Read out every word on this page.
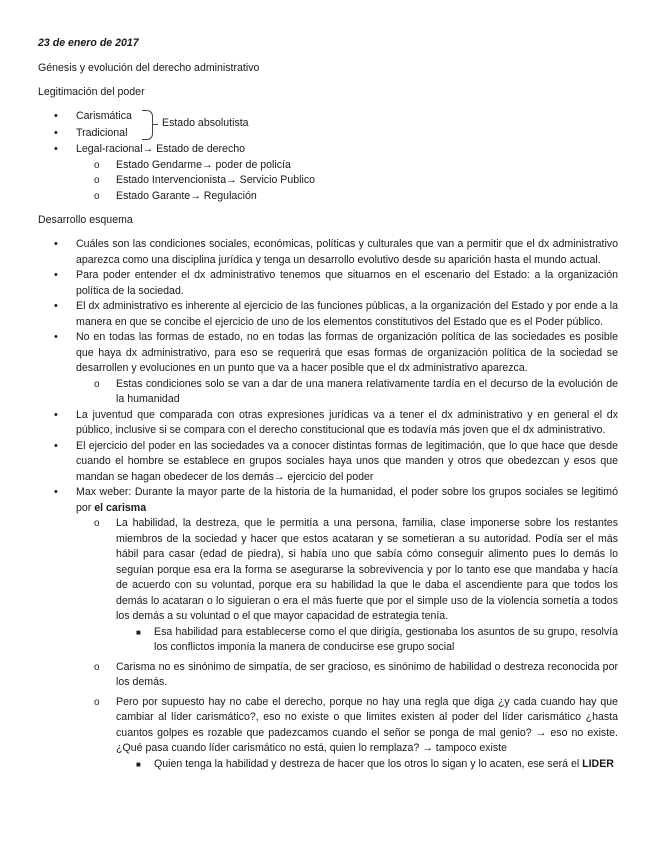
23 de enero de 2017

Génesis y evolución del derecho administrativo

Legitimación del poder

• Carismática
• Tradicional
Estado absolutista
• Legal-racional→ Estado de derecho
o Estado Gendarme→ poder de policía
o Estado Intervencionista→ Servicio Publico
o Estado Garante→ Regulación

Desarrollo esquema

• Cuáles son las condiciones sociales, económicas, políticas y culturales que van a permitir que el dx administrativo aparezca como una disciplina jurídica y tenga un desarrollo evolutivo desde su aparición hasta el mundo actual.
• Para poder entender el dx administrativo tenemos que situarnos en el escenario del Estado: a la organización política de la sociedad.
• El dx administrativo es inherente al ejercicio de las funciones públicas, a la organización del Estado y por ende a la manera en que se concibe el ejercicio de uno de los elementos constitutivos del Estado que es el Poder público.
• No en todas las formas de estado, no en todas las formas de organización política de las sociedades es posible que haya dx administrativo, para eso se requerirá que esas formas de organización política de la sociedad se desarrollen y evoluciones en un punto que va a hacer posible que el dx administrativo aparezca.
o Estas condiciones solo se van a dar de una manera relativamente tardía en el decurso de la evolución de la humanidad
• La juventud que comparada con otras expresiones jurídicas va a tener el dx administrativo y en general el dx público, inclusive si se compara con el derecho constitucional que es todavía más joven que el dx administrativo.
• El ejercicio del poder en las sociedades va a conocer distintas formas de legitimación, que lo que hace que desde cuando el hombre se establece en grupos sociales haya unos que manden y otros que obedezcan y esos que mandan se hagan obedecer de los demás→ ejercicio del poder
• Max weber: Durante la mayor parte de la historia de la humanidad, el poder sobre los grupos sociales se legitimó por el carisma
o La habilidad, la destreza, que le permitía a una persona, familia, clase imponerse sobre los restantes miembros de la sociedad y hacer que estos acataran y se sometieran a su autoridad. Podía ser el más hábil para casar (edad de piedra), si había uno que sabía cómo conseguir alimento pues lo demás lo seguían porque esa era la forma se asegurarse la sobrevivencia y por lo tanto ese que mandaba y hacía de acuerdo con su voluntad, porque era su habilidad la que le daba el ascendiente para que todos los demás lo acataran o lo siguieran o era el más fuerte que por el simple uso de la violencia sometía a todos los demás a su voluntad o el que mayor capacidad de estrategia tenía.
■ Esa habilidad para establecerse como el que dirigía, gestionaba los asuntos de su grupo, resolvía los conflictos imponía la manera de conducirse ese grupo social
o Carisma no es sinónimo de simpatía, de ser gracioso, es sinónimo de habilidad o destreza reconocida por los demás.
o Pero por supuesto hay no cabe el derecho, porque no hay una regla que diga ¿y cada cuando hay que cambiar al líder carismático?, eso no existe o que limites existen al poder del líder carismático ¿hasta cuantos golpes es rozable que padezcamos cuando el señor se ponga de mal genio? → eso no existe. ¿Qué pasa cuando líder carismático no está, quien lo remplaza? → tampoco existe
■ Quien tenga la habilidad y destreza de hacer que los otros lo sigan y lo acaten, ese será el LIDER
